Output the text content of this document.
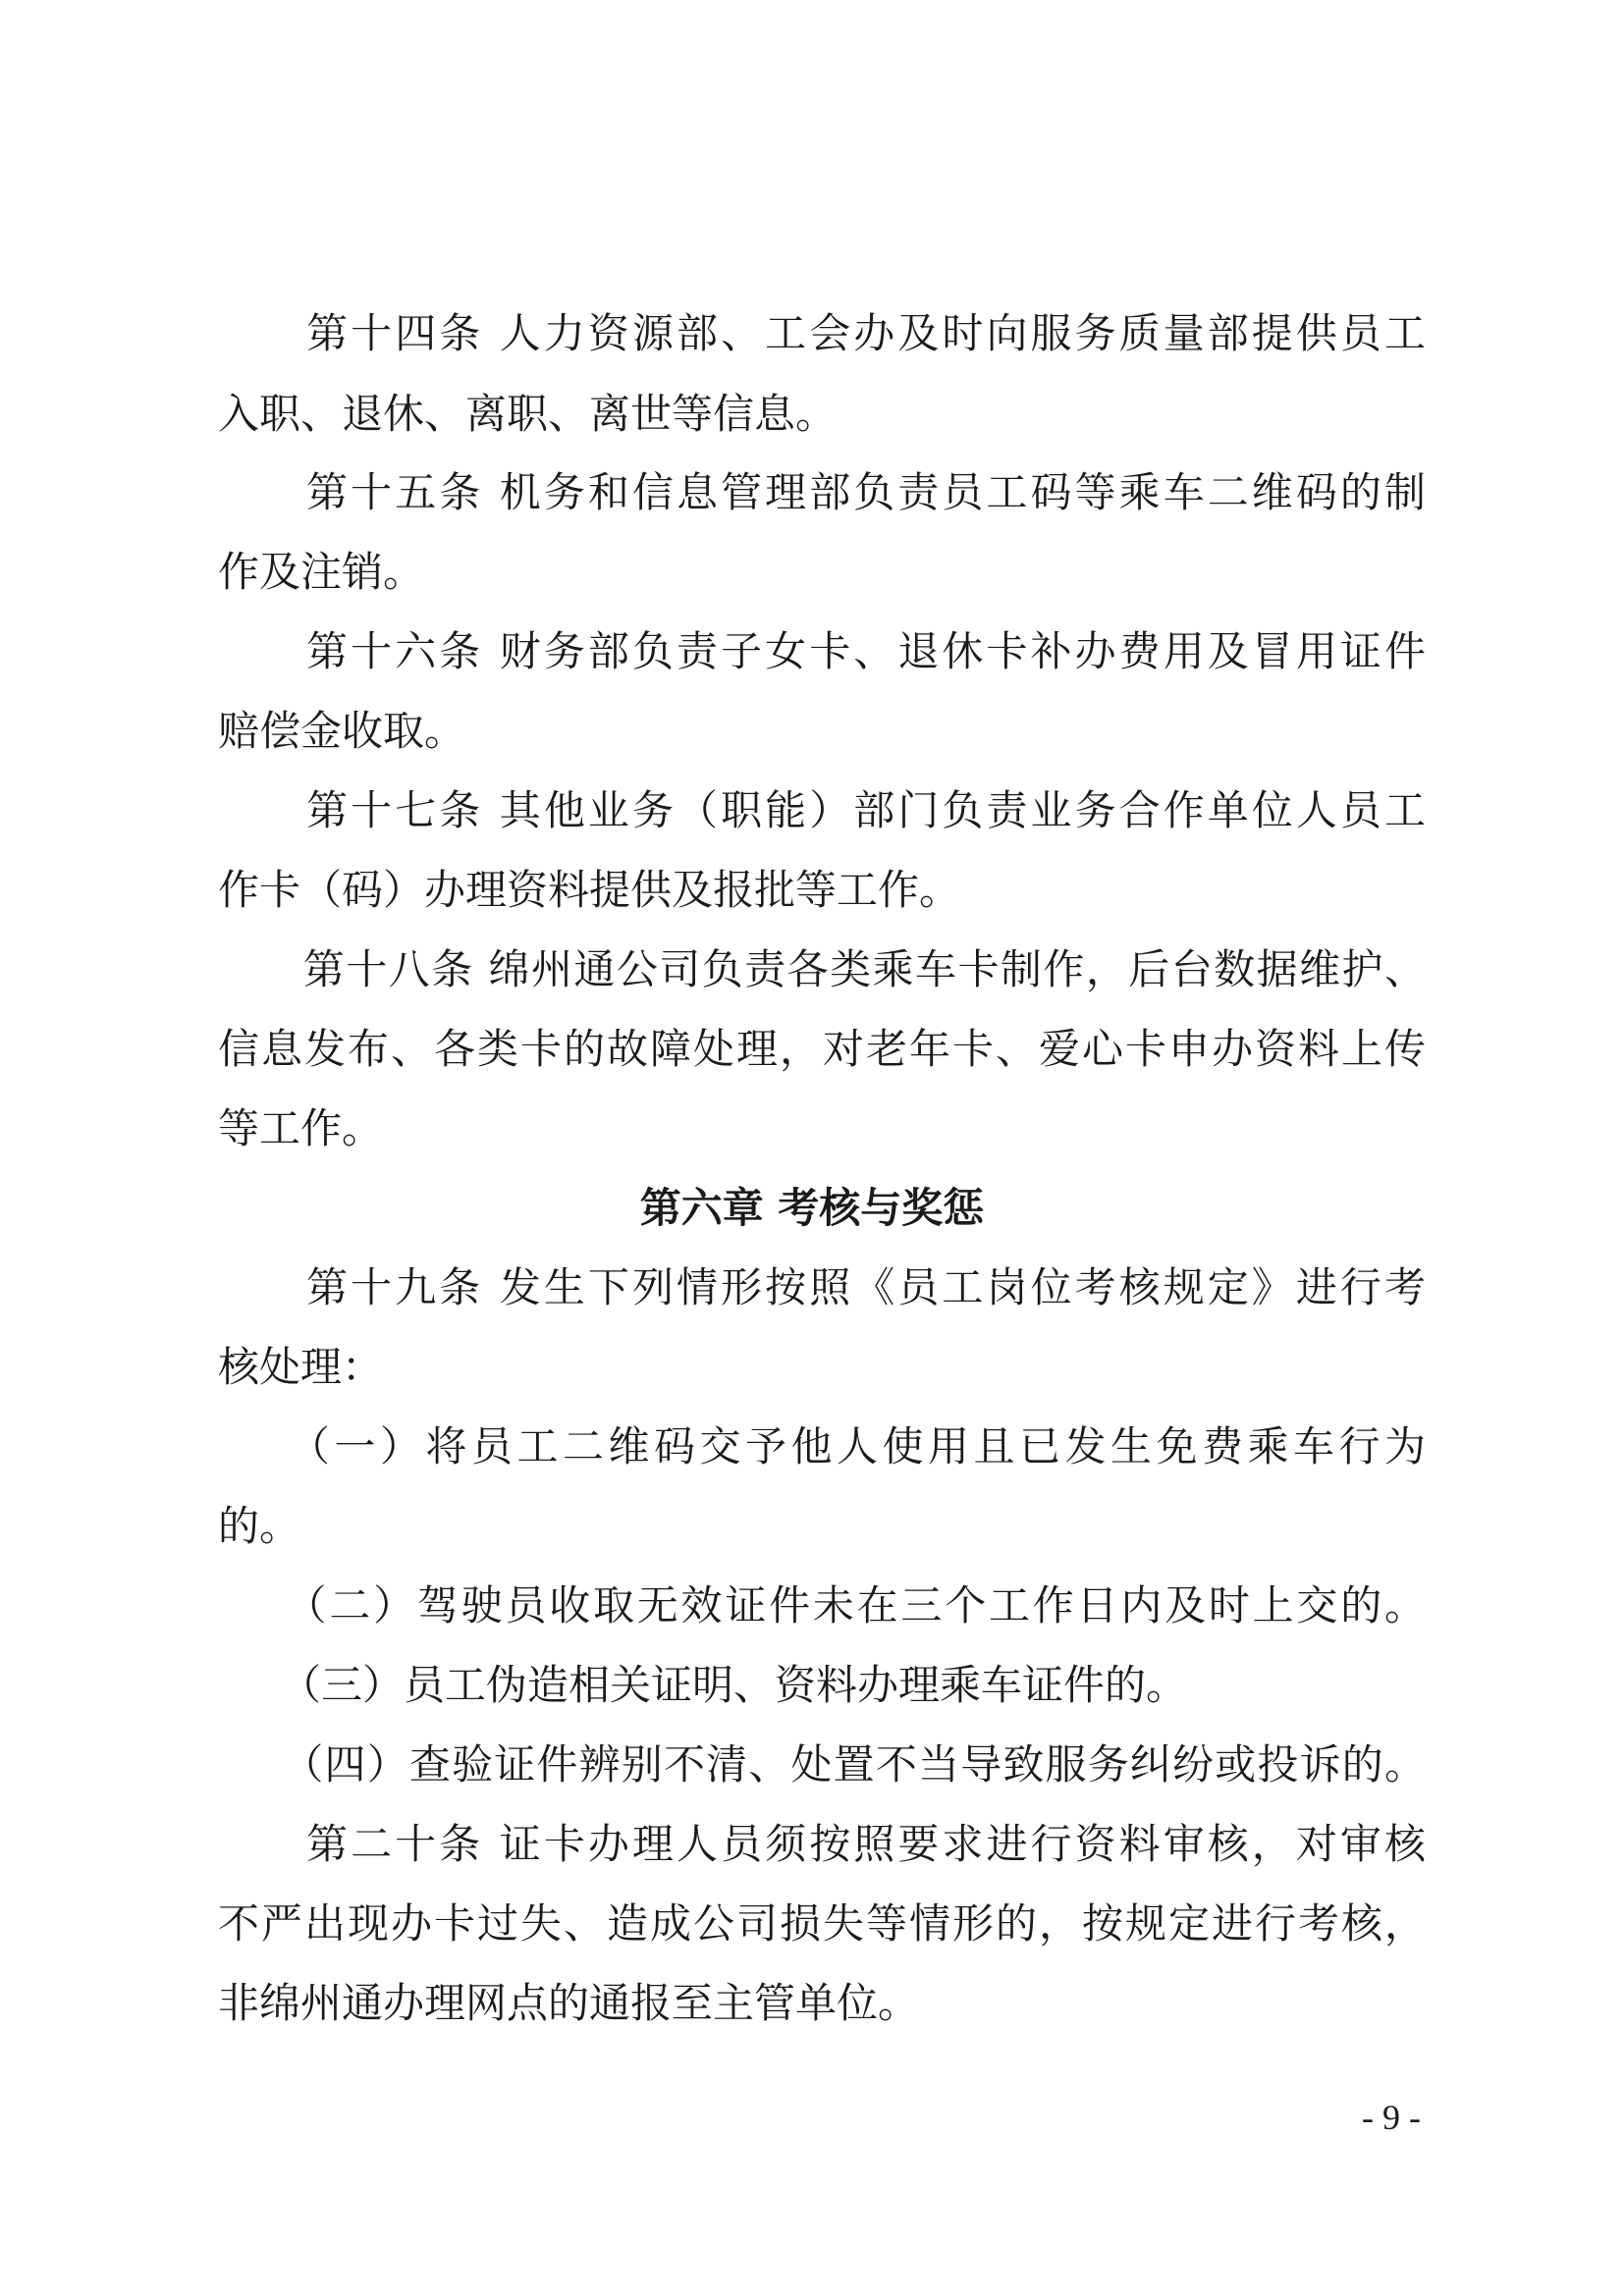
　　第十四条 人力资源部、工会办及时向服务质量部提供员工
入职、退休、离职、离世等信息。
　　第十五条 机务和信息管理部负责员工码等乘车二维码的制
作及注销。
　　第十六条 财务部负责子女卡、退休卡补办费用及冒用证件
赔偿金收取。
　　第十七条 其他业务（职能）部门负责业务合作单位人员工
作卡（码）办理资料提供及报批等工作。
　　第十八条 绵州通公司负责各类乘车卡制作，后台数据维护、
信息发布、各类卡的故障处理，对老年卡、爱心卡申办资料上传
等工作。
第六章 考核与奖惩
　　第十九条 发生下列情形按照《员工岗位考核规定》进行考
核处理：
　　（一）将员工二维码交予他人使用且已发生免费乘车行为
的。
　　（二）驾驶员收取无效证件未在三个工作日内及时上交的。
　　（三）员工伪造相关证明、资料办理乘车证件的。
　　（四）查验证件辨别不清、处置不当导致服务纠纷或投诉的。
　　第二十条 证卡办理人员须按照要求进行资料审核，对审核
不严出现办卡过失、造成公司损失等情形的，按规定进行考核，
非绵州通办理网点的通报至主管单位。
- 9 -
